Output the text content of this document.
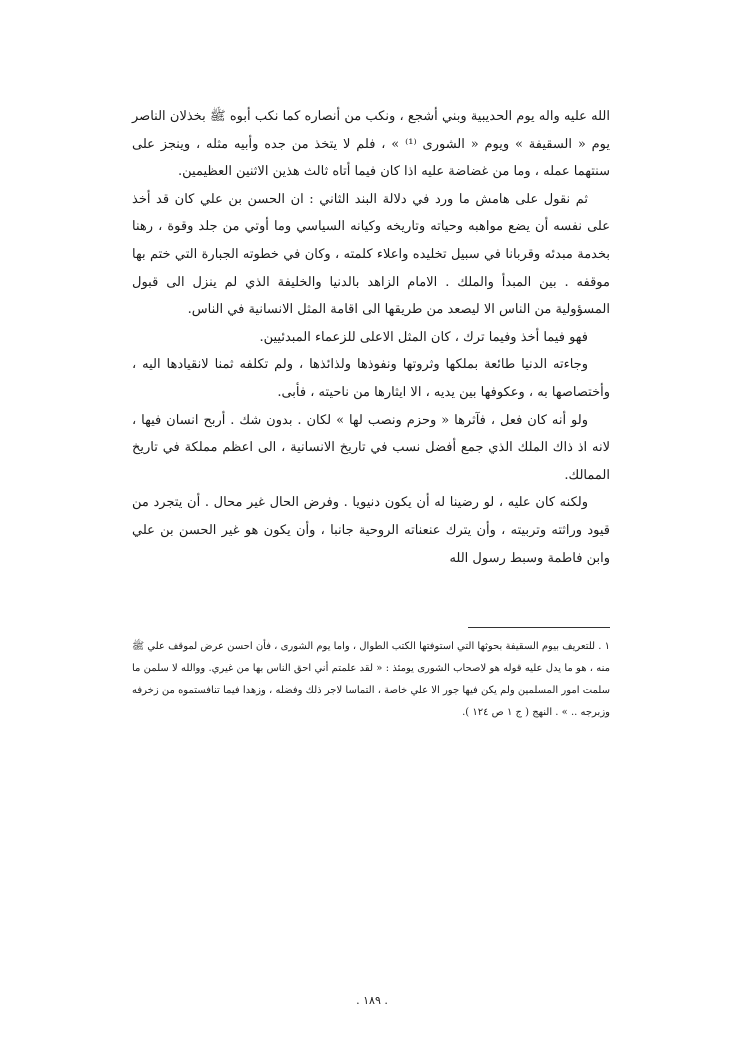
الله عليه واله يوم الحديبية وبني أشجع ، ونكب من أنصاره كما نكب أبوه ﷺ بخذلان الناصر يوم « السقيفة » ويوم « الشورى ⁽¹⁾ » ، فلم لا يتخذ من جده وأبيه مثله ، وينجز على سنتهما عمله ، وما من غضاضة عليه اذا كان فيما أتاه ثالث هذين الاثنين العظيمين.

ثم نقول على هامش ما ورد في دلالة البند الثاني : ان الحسن بن علي كان قد أخذ على نفسه أن يضع مواهبه وحياته وتاريخه وكيانه السياسي وما أوتي من جلد وقوة ، رهنا بخدمة مبدئه وقربانا في سبيل تخليده واعلاء كلمته ، وكان في خطوته الجبارة التي ختم بها موقفه . بين المبدأ والملك . الامام الزاهد بالدنيا والخليفة الذي لم ينزل الى قبول المسؤولية من الناس الا ليصعد من طريقها الى اقامة المثل الانسانية في الناس.

فهو فيما أخذ وفيما ترك ، كان المثل الاعلى للزعماء المبدئيين.

وجاءته الدنيا طائعة بملكها وثروتها ونفوذها ولذائذها ، ولم تكلفه ثمنا لانقيادها اليه ، وأختصاصها به ، وعكوفها بين يديه ، الا ايثارها من ناحيته ، فأبى.

ولو أنه كان فعل ، فآثرها « وحزم ونصب لها » لكان . بدون شك . أربح انسان فيها ، لانه اذ ذاك الملك الذي جمع أفضل نسب في تاريخ الانسانية ، الى اعظم مملكة في تاريخ الممالك.

ولكنه كان عليه ، لو رضينا له أن يكون دنيويا . وفرض الحال غير محال . أن يتجرد من قيود وراثته وتربيته ، وأن يترك عنعناته الروحية جانبا ، وأن يكون هو غير الحسن بن علي وابن فاطمة وسبط رسول الله

١ . للتعريف بيوم السقيفة بحوثها التي استوفتها الكتب الطوال ، واما يوم الشورى ، فأن احسن عرض لموقف علي ﷺ منه ، هو ما يدل عليه قوله هو لاصحاب الشورى يومئذ : « لقد علمتم أني احق الناس بها من غيري. ووالله لا سلمن ما سلمت امور المسلمين ولم يكن فيها جور الا علي خاصة ، التماسا لاجر ذلك وفضله ، وزهدا فيما تنافستموه من زخرفه وزبرجه .. » . النهج ( ج ١ ص ١٢٤ ).

. ١٨٩ .
